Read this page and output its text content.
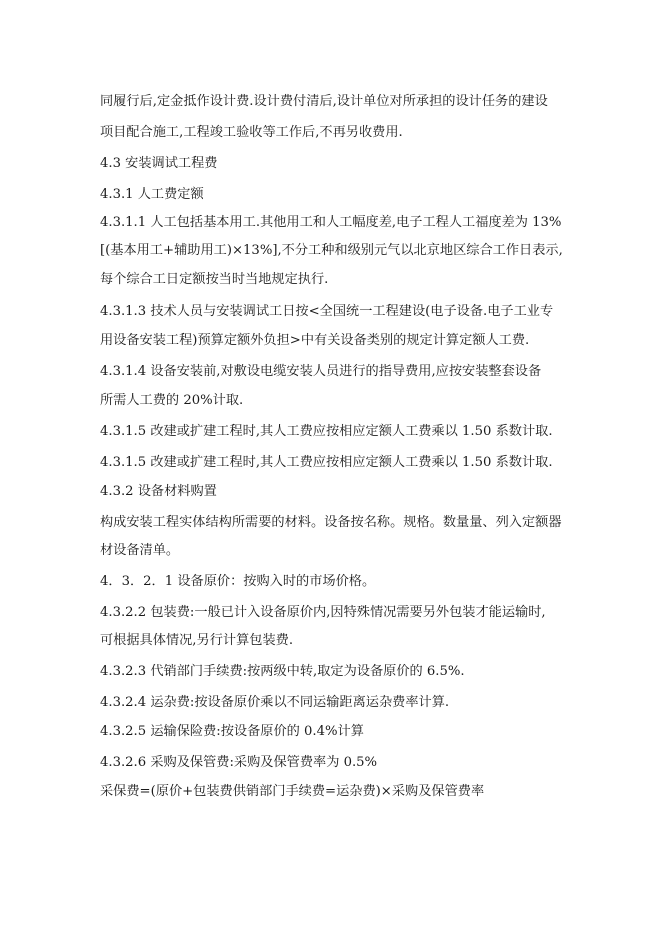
同履行后,定金抵作设计费.设计费付清后,设计单位对所承担的设计任务的建设
项目配合施工,工程竣工验收等工作后,不再另收费用.
4.3 安装调试工程费
4.3.1 人工费定额
4.3.1.1 人工包括基本用工.其他用工和人工幅度差,电子工程人工福度差为 13%
[(基本用工+辅助用工)×13%],不分工种和级别元气以北京地区综合工作日表示,
每个综合工日定额按当时当地规定执行.
4.3.1.3 技术人员与安装调试工日按<全国统一工程建设(电子设备.电子工业专
用设备安装工程)预算定额外负担>中有关设备类别的规定计算定额人工费.
4.3.1.4 设备安装前,对敷设电缆安装人员进行的指导费用,应按安装整套设备
所需人工费的 20%计取.
4.3.1.5 改建或扩建工程时,其人工费应按相应定额人工费乘以 1.50 系数计取.
4.3.1.5 改建或扩建工程时,其人工费应按相应定额人工费乘以 1.50 系数计取.
4.3.2 设备材料购置
构成安装工程实体结构所需要的材料。设备按名称。规格。数量量、列入定额器
材设备清单。
4．3．2．1 设备原价：按购入时的市场价格。
4.3.2.2 包装费:一般已计入设备原价内,因特殊情况需要另外包装才能运输时,
可根据具体情况,另行计算包装费.
4.3.2.3 代销部门手续费:按两级中转,取定为设备原价的 6.5%.
4.3.2.4 运杂费:按设备原价乘以不同运输距离运杂费率计算.
4.3.2.5 运输保险费:按设备原价的 0.4%计算
4.3.2.6 采购及保管费:采购及保管费率为 0.5%
采保费=(原价+包装费供销部门手续费=运杂费)×采购及保管费率
